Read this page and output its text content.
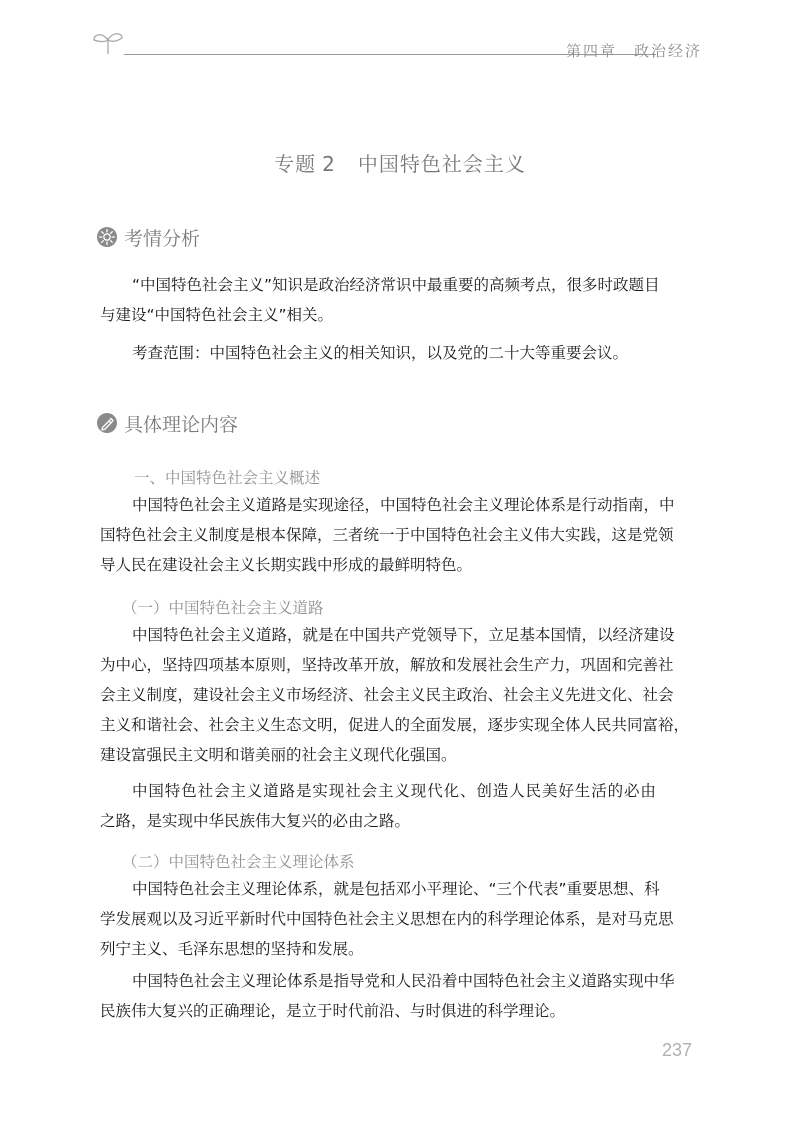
第四章　政治经济
专题 2 中国特色社会主义
考情分析
“中国特色社会主义”知识是政治经济常识中最重要的高频考点，很多时政题目
与建设“中国特色社会主义”相关。
考查范围：中国特色社会主义的相关知识，以及党的二十大等重要会议。
具体理论内容
一、中国特色社会主义概述
中国特色社会主义道路是实现途径，中国特色社会主义理论体系是行动指南，中
国特色社会主义制度是根本保障，三者统一于中国特色社会主义伟大实践，这是党领
导人民在建设社会主义长期实践中形成的最鲜明特色。
（一）中国特色社会主义道路
中国特色社会主义道路，就是在中国共产党领导下，立足基本国情，以经济建设
为中心，坚持四项基本原则，坚持改革开放，解放和发展社会生产力，巩固和完善社
会主义制度，建设社会主义市场经济、社会主义民主政治、社会主义先进文化、社会
主义和谐社会、社会主义生态文明，促进人的全面发展，逐步实现全体人民共同富裕，
建设富强民主文明和谐美丽的社会主义现代化强国。
中国特色社会主义道路是实现社会主义现代化、创造人民美好生活的必由
之路，是实现中华民族伟大复兴的必由之路。
（二）中国特色社会主义理论体系
中国特色社会主义理论体系，就是包括邓小平理论、“三个代表”重要思想、科
学发展观以及习近平新时代中国特色社会主义思想在内的科学理论体系，是对马克思
列宁主义、毛泽东思想的坚持和发展。
中国特色社会主义理论体系是指导党和人民沿着中国特色社会主义道路实现中华
民族伟大复兴的正确理论，是立于时代前沿、与时俱进的科学理论。
237
